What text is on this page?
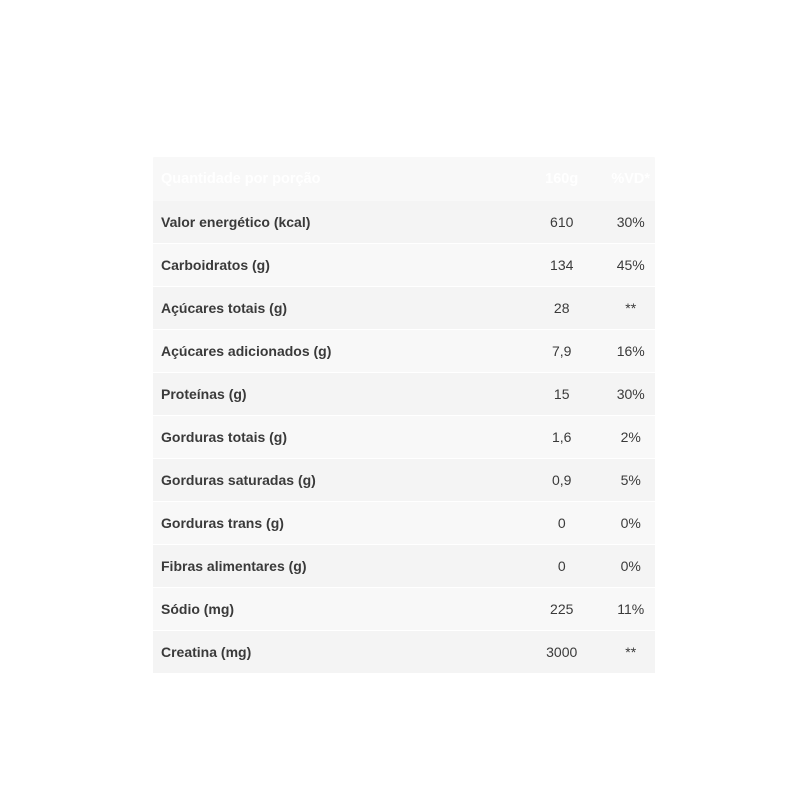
Quantidade por porção	160g	%VD*
Valor energético (kcal)	610	30%
Carboidratos (g)	134	45%
Açúcares totais (g)	28	**
Açúcares adicionados (g)	7,9	16%
Proteínas (g)	15	30%
Gorduras totais (g)	1,6	2%
Gorduras saturadas (g)	0,9	5%
Gorduras trans (g)	0	0%
Fibras alimentares (g)	0	0%
Sódio (mg)	225	11%
Creatina (mg)	3000	**
